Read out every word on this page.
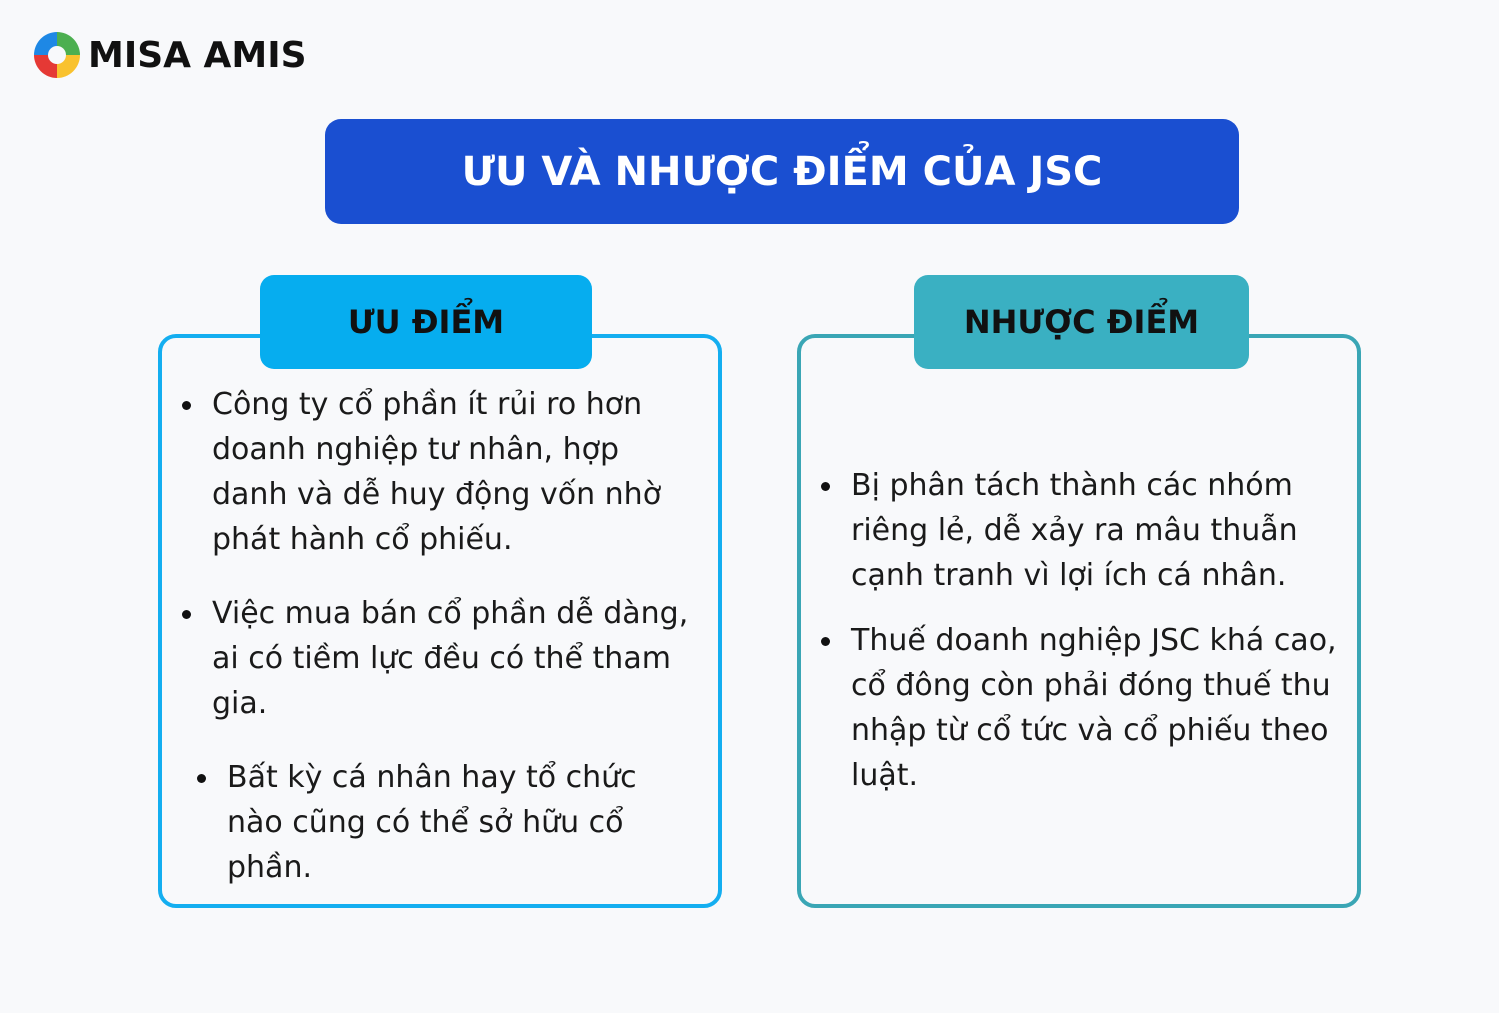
MISA AMIS
ƯU VÀ NHƯỢC ĐIỂM CỦA JSC
ƯU ĐIỂM
Công ty cổ phần ít rủi ro hơn doanh nghiệp tư nhân, hợp danh và dễ huy động vốn nhờ phát hành cổ phiếu.
Việc mua bán cổ phần dễ dàng, ai có tiềm lực đều có thể tham gia.
Bất kỳ cá nhân hay tổ chức nào cũng có thể sở hữu cổ phần.
NHƯỢC ĐIỂM
Bị phân tách thành các nhóm riêng lẻ, dễ xảy ra mâu thuẫn cạnh tranh vì lợi ích cá nhân.
Thuế doanh nghiệp JSC khá cao, cổ đông còn phải đóng thuế thu nhập từ cổ tức và cổ phiếu theo luật.
